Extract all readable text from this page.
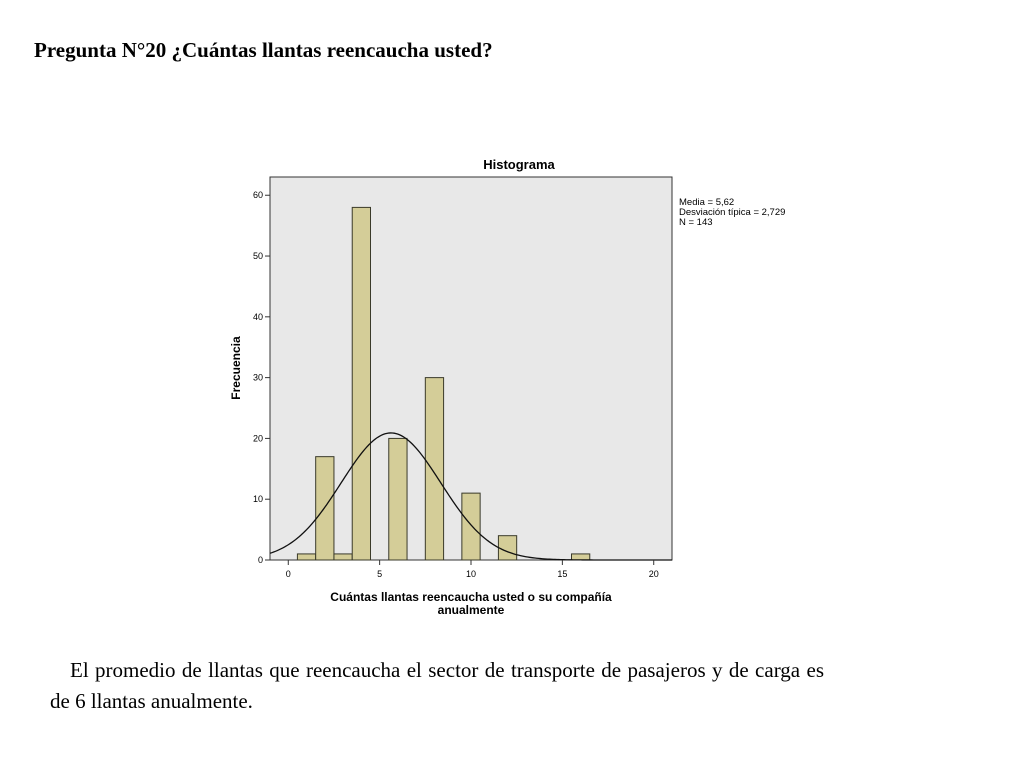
Pregunta N°20 ¿Cuántas llantas reencaucha usted?
0
10
20
30
40
50
60
0	5	10	15	20
Histograma
Frecuencia
Cuántas llantas reencaucha usted o su compañía
anualmente
Media = 5,62
Desviación típica = 2,729
N = 143
El promedio de llantas que reencaucha el sector de transporte de pasajeros y de carga es de 6 llantas anualmente.
